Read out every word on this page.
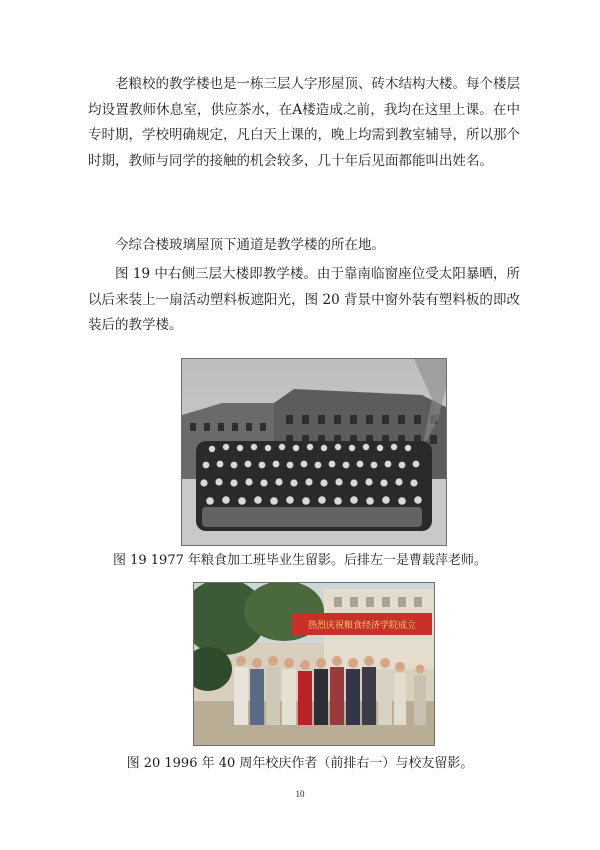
老粮校的教学楼也是一栋三层人字形屋顶、砖木结构大楼。每个楼层均设置教师休息室，供应茶水，在A楼造成之前，我均在这里上课。在中专时期，学校明确规定，凡白天上课的，晚上均需到教室辅导，所以那个时期，教师与同学的接触的机会较多，几十年后见面都能叫出姓名。

今综合楼玻璃屋顶下通道是教学楼的所在地。

图 19 中右侧三层大楼即教学楼。由于靠南临窗座位受太阳暴晒，所以后来装上一扇活动塑料板遮阳光，图 20 背景中窗外装有塑料板的即改装后的教学楼。

图 19 1977 年粮食加工班毕业生留影。后排左一是曹载萍老师。

热烈庆祝粮食经济学院成立

图 20 1996 年 40 周年校庆作者（前排右一）与校友留影。

10
